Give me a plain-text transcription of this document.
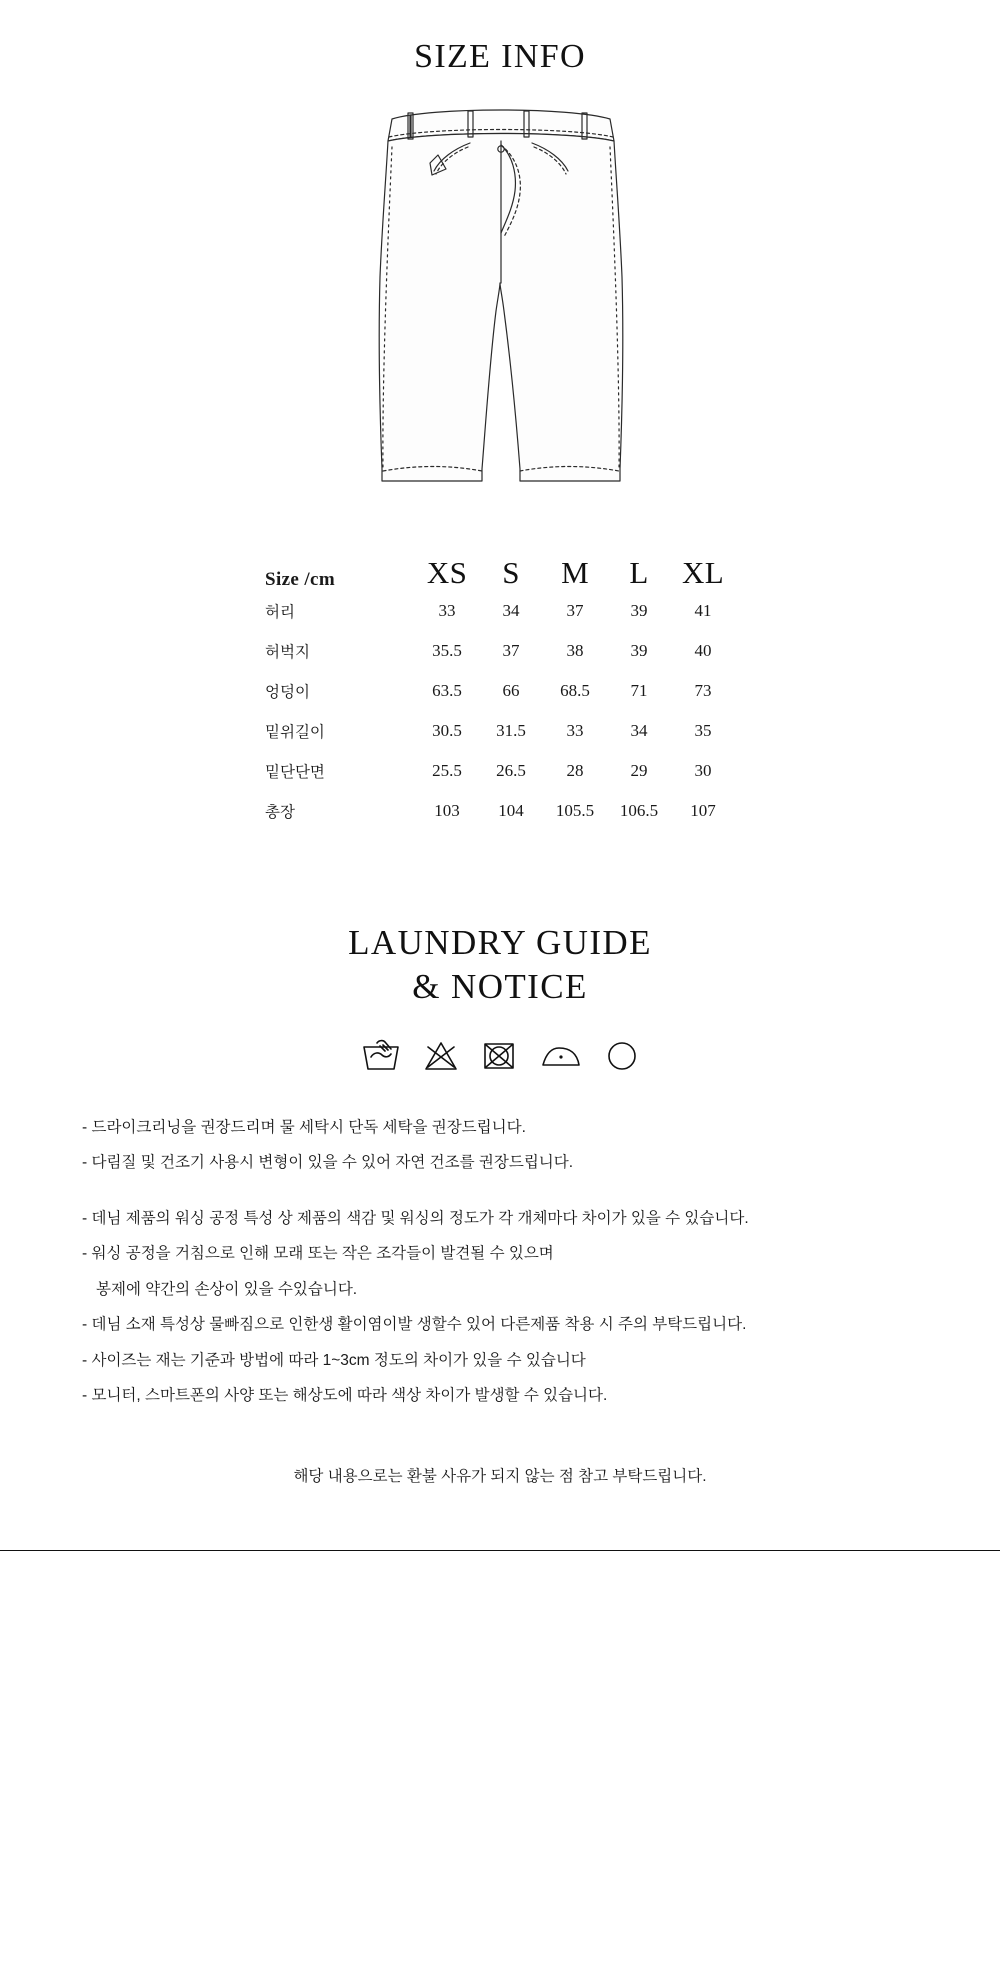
SIZE INFO
Size /cm	XS	S	M	L	XL
허리	33	34	37	39	41
허벅지	35.5	37	38	39	40
엉덩이	63.5	66	68.5	71	73
밑위길이	30.5	31.5	33	34	35
밑단단면	25.5	26.5	28	29	30
총장	103	104	105.5	106.5	107
LAUNDRY GUIDE
& NOTICE

- 드라이크리닝을 권장드리며 물 세탁시 단독 세탁을 권장드립니다.

- 다림질 및 건조기 사용시 변형이 있을 수 있어 자연 건조를 권장드립니다.

- 데님 제품의 워싱 공정 특성 상 제품의 색감 및 워싱의 정도가 각 개체마다 차이가 있을 수 있습니다.

- 워싱 공정을 거침으로 인해 모래 또는 작은 조각들이 발견될 수 있으며

봉제에 약간의 손상이 있을 수있습니다.

- 데님 소재 특성상 물빠짐으로 인한생 활이염이발 생할수 있어 다른제품 착용 시 주의 부탁드립니다.

- 사이즈는 재는 기준과 방법에 따라 1~3cm 정도의 차이가 있을 수 있습니다

- 모니터, 스마트폰의 사양 또는 해상도에 따라 색상 차이가 발생할 수 있습니다.

해당 내용으로는 환불 사유가 되지 않는 점 참고 부탁드립니다.
